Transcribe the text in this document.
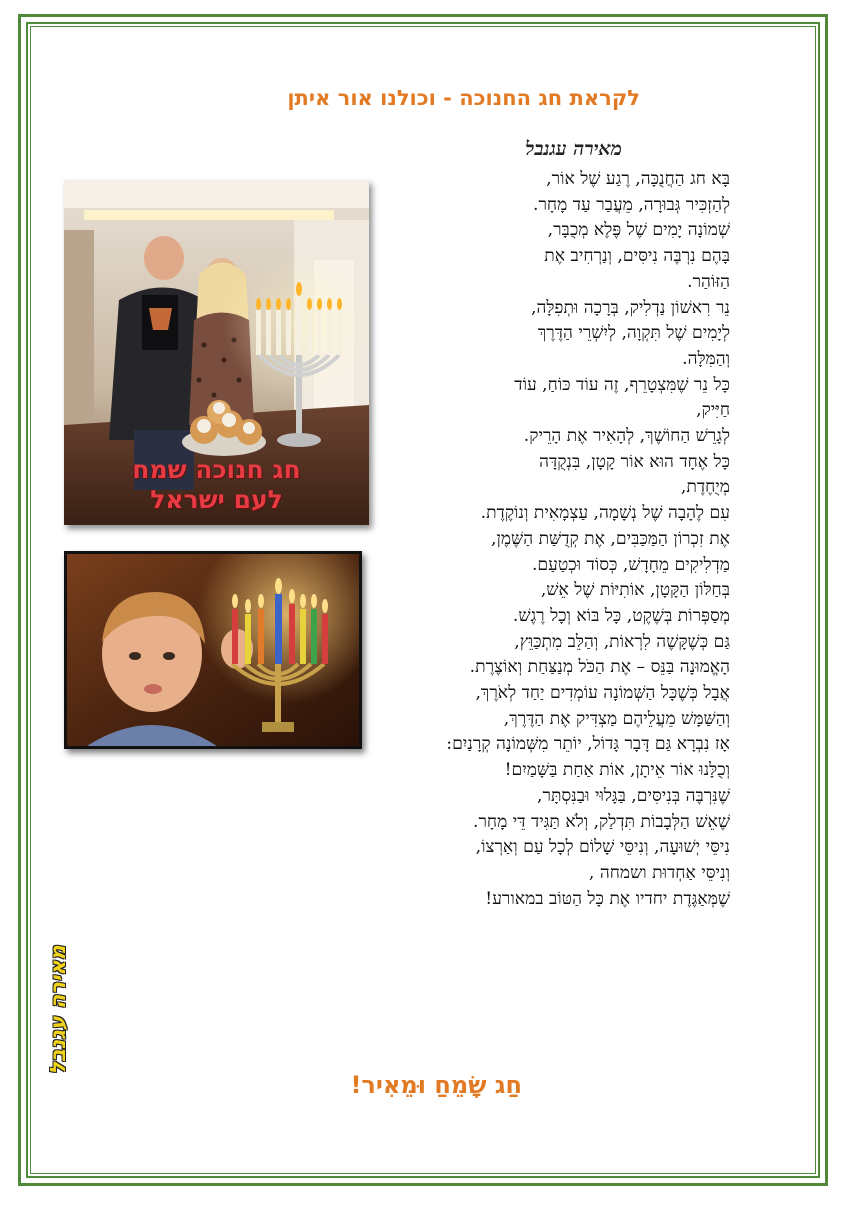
לקראת חג החנוכה - וכולנו אור איתן
מאירה עגנבל
חג חנוכה שמח
לעם ישראל
בָּא חג הַחֲנֻכָּה, רֶגַע שֶׁל אוֹר,
לְהַזְכִּיר גְּבוּרָה, מֵעֲבַר עַד מָחָר.
שְׁמוֹנָה יָמִים שֶׁל פֶּלֶא מְכֻבָּר,
בָּהֶם נִרְבֶּה נִיסִּים, וְנַרְחִיב אֶת
הַזּוֹהַר.
נֵר רִאשׁוֹן נַדְלִיק, בְּרָכָה וּתְפִלָּה,
לְיָמִים שֶׁל תִּקְוָה, לְיִשְׁרֵי הַדֶּרֶךְ
וְהַמִּלָּה.
כָּל נֵר שֶׁמִּצְטָרֵף, זֶה עוֹד כּוֹחַ, עוֹד
חַיִּיק,
לְגָרֵשׁ הַחוֹשֶׁךְ, לְהָאִיר אֶת הָרֵיק.
כָּל אֶחָד הוּא אוֹר קָטָן, בִּנְקֻדָּה
מְיֻחֶדֶת,
עִם לֶהָבָה שֶׁל נְשָׁמָה, עַצְמָאִית וְנוֹקֶדֶת.
אֶת זִכְרוֹן הַמַּכַּבִּים, אֶת קְדֻשַּׁת הַשֶּׁמֶן,
מַדְלִיקִים מֵחָדָשׁ, כְּסוֹד וּכְטַעַם.
בְּחַלּוֹן הַקָּטָן, אוֹתִיּוֹת שֶׁל אֵשׁ,
מְסַפְּרוֹת בְּשֶׁקֶט, כָּל בּוֹא וְכָל רֶגֶשׁ.
גַּם כְּשֶׁקָּשֶׁה לִרְאוֹת, וְהַלֵּב מִתְכַּוֵּץ,
הָאֱמוּנָה בַּנֵּס – אֶת הַכֹּל מְנַצַּחַת וְאוֹצֶרֶת.
אֲבָל כְּשֶׁכָּל הַשְּׁמוֹנָה עוֹמְדִים יַחַד לְאֹרֶךְ,
וְהַשַּׁמָּשׁ מֵעֲלֵיהֶם מַצְדִּיק אֶת הַדֶּרֶךְ,
אָז נִבְרָא גַּם דָּבָר גָּדוֹל, יוֹתֵר מִשְּׁמוֹנָה קְרָנַיִם:
וְכֻלָּנוּ אוֹר אֵיתָן, אוֹת אַחַת בַּשָּׁמַיִם!
שֶׁנִּרְבֶּה בְּנִיסִּים, בַּגָּלוּי וּבַנִּסְתָּר,
שֶׁאֵשׁ הַלְּבָבוֹת תִּדְלַק, וְלֹא תַּגִּיד דֵּי מָחָר.
נִיסֵּי יְשׁוּעָה, וְנִיסֵּי שָׁלוֹם לְכָל עַם וְאַרְצוֹ,
וְנִיסֵּי אַחְדוּת ושמחה ,
שֶׁמְּאַגֶּדֶת יחדיו אֶת כָּל הַטּוֹב במאורע!
חַג שָׂמֵחַ וּמֵאִיר!
מאירה עגנבל
